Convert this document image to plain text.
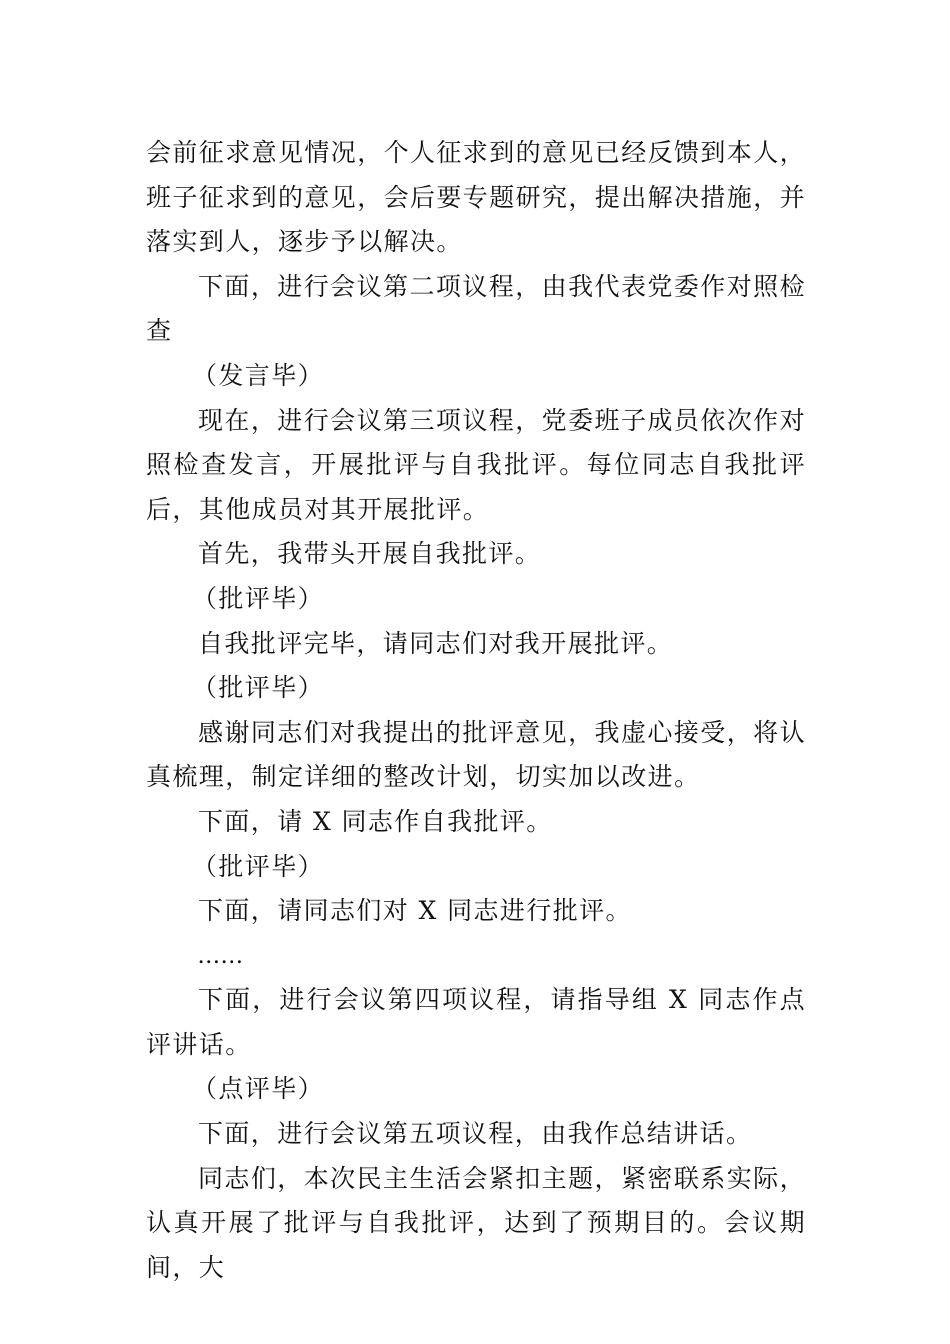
会前征求意见情况，个人征求到的意见已经反馈到本人，班子征求到的意见，会后要专题研究，提出解决措施，并落实到人，逐步予以解决。

下面，进行会议第二项议程，由我代表党委作对照检查

（发言毕）

现在，进行会议第三项议程，党委班子成员依次作对照检查发言，开展批评与自我批评。每位同志自我批评后，其他成员对其开展批评。

首先，我带头开展自我批评。

（批评毕）

自我批评完毕，请同志们对我开展批评。

（批评毕）

感谢同志们对我提出的批评意见，我虚心接受，将认真梳理，制定详细的整改计划，切实加以改进。

下面，请 X 同志作自我批评。

（批评毕）

下面，请同志们对 X 同志进行批评。

......

下面，进行会议第四项议程，请指导组 X 同志作点评讲话。

（点评毕）

下面，进行会议第五项议程，由我作总结讲话。

同志们，本次民主生活会紧扣主题，紧密联系实际，认真开展了批评与自我批评，达到了预期目的。会议期间，大
